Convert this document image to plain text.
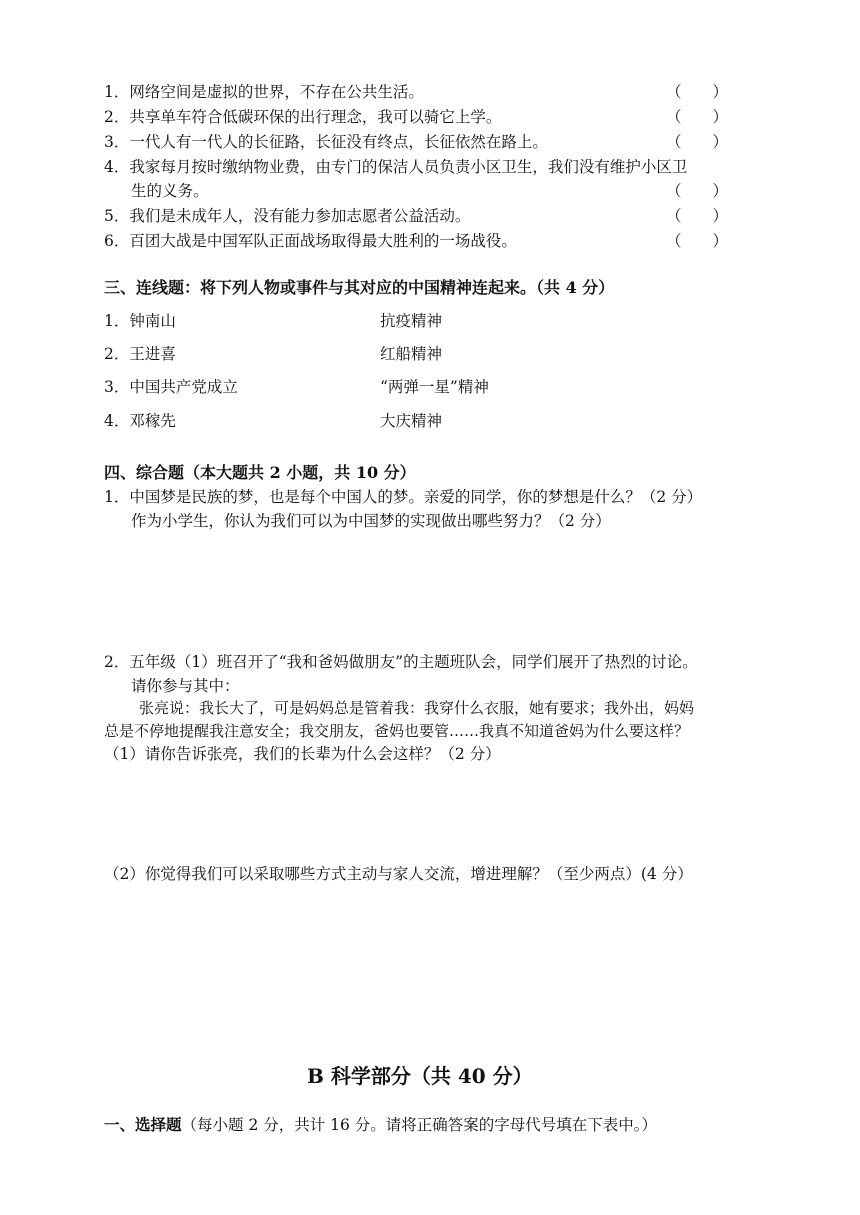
1．网络空间是虚拟的世界，不存在公共生活。	（　　）
2．共享单车符合低碳环保的出行理念，我可以骑它上学。	（　　）
3．一代人有一代人的长征路，长征没有终点，长征依然在路上。	（　　）
4．我家每月按时缴纳物业费，由专门的保洁人员负责小区卫生，我们没有维护小区卫
生的义务。	（　　）
5．我们是未成年人，没有能力参加志愿者公益活动。	（　　）
6．百团大战是中国军队正面战场取得最大胜利的一场战役。	（　　）
三、连线题：将下列人物或事件与其对应的中国精神连起来。（共 4 分）
1．钟南山	抗疫精神
2．王进喜	红船精神
3．中国共产党成立	“两弹一星”精神
4．邓稼先	大庆精神
四、综合题（本大题共 2 小题，共 10 分）
1．中国梦是民族的梦，也是每个中国人的梦。亲爱的同学，你的梦想是什么？（2 分）
作为小学生，你认为我们可以为中国梦的实现做出哪些努力？（2 分）
2．五年级（1）班召开了“我和爸妈做朋友”的主题班队会，同学们展开了热烈的讨论。
请你参与其中：
张亮说：我长大了，可是妈妈总是管着我：我穿什么衣服，她有要求；我外出，妈妈
总是不停地提醒我注意安全；我交朋友，爸妈也要管……我真不知道爸妈为什么要这样？
（1）请你告诉张亮，我们的长辈为什么会这样？（2 分）
（2）你觉得我们可以采取哪些方式主动与家人交流，增进理解？（至少两点）(4 分）
B 科学部分（共 40 分）
一、选择题（每小题 2 分，共计 16 分。请将正确答案的字母代号填在下表中。）
